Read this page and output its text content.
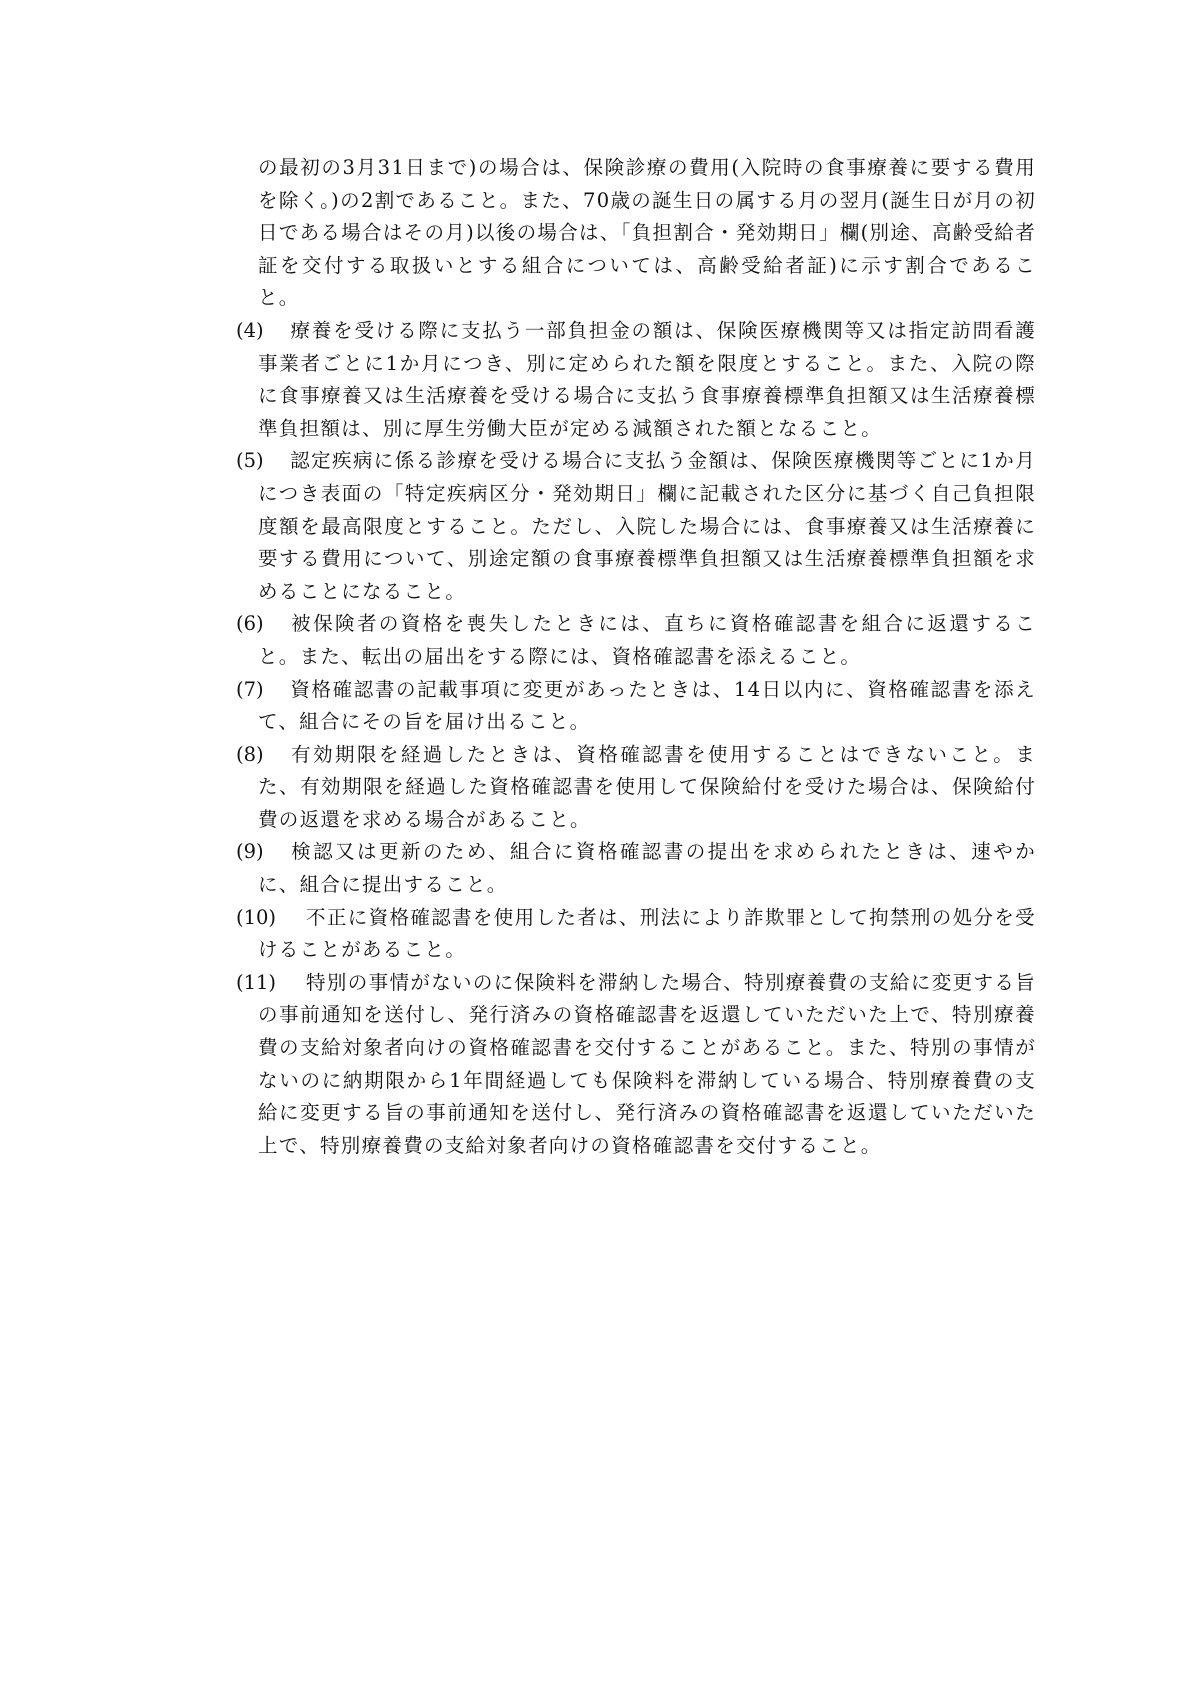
の最初の3月31日まで)の場合は、保険診療の費用(入院時の食事療養に要する費用を除く。)の2割であること。また、70歳の誕生日の属する月の翌月(誕生日が月の初日である場合はその月)以後の場合は、「負担割合・発効期日」欄(別途、高齢受給者証を交付する取扱いとする組合については、高齢受給者証)に示す割合であること。

(4) 療養を受ける際に支払う一部負担金の額は、保険医療機関等又は指定訪問看護事業者ごとに1か月につき、別に定められた額を限度とすること。また、入院の際に食事療養又は生活療養を受ける場合に支払う食事療養標準負担額又は生活療養標準負担額は、別に厚生労働大臣が定める減額された額となること。
(5) 認定疾病に係る診療を受ける場合に支払う金額は、保険医療機関等ごとに1か月につき表面の「特定疾病区分・発効期日」欄に記載された区分に基づく自己負担限度額を最高限度とすること。ただし、入院した場合には、食事療養又は生活療養に要する費用について、別途定額の食事療養標準負担額又は生活療養標準負担額を求めることになること。
(6) 被保険者の資格を喪失したときには、直ちに資格確認書を組合に返還すること。また、転出の届出をする際には、資格確認書を添えること。
(7) 資格確認書の記載事項に変更があったときは、14日以内に、資格確認書を添えて、組合にその旨を届け出ること。
(8) 有効期限を経過したときは、資格確認書を使用することはできないこと。また、有効期限を経過した資格確認書を使用して保険給付を受けた場合は、保険給付費の返還を求める場合があること。
(9) 検認又は更新のため、組合に資格確認書の提出を求められたときは、速やかに、組合に提出すること。
(10) 不正に資格確認書を使用した者は、刑法により詐欺罪として拘禁刑の処分を受けることがあること。
(11) 特別の事情がないのに保険料を滞納した場合、特別療養費の支給に変更する旨の事前通知を送付し、発行済みの資格確認書を返還していただいた上で、特別療養費の支給対象者向けの資格確認書を交付することがあること。また、特別の事情がないのに納期限から1年間経過しても保険料を滞納している場合、特別療養費の支給に変更する旨の事前通知を送付し、発行済みの資格確認書を返還していただいた上で、特別療養費の支給対象者向けの資格確認書を交付すること。
